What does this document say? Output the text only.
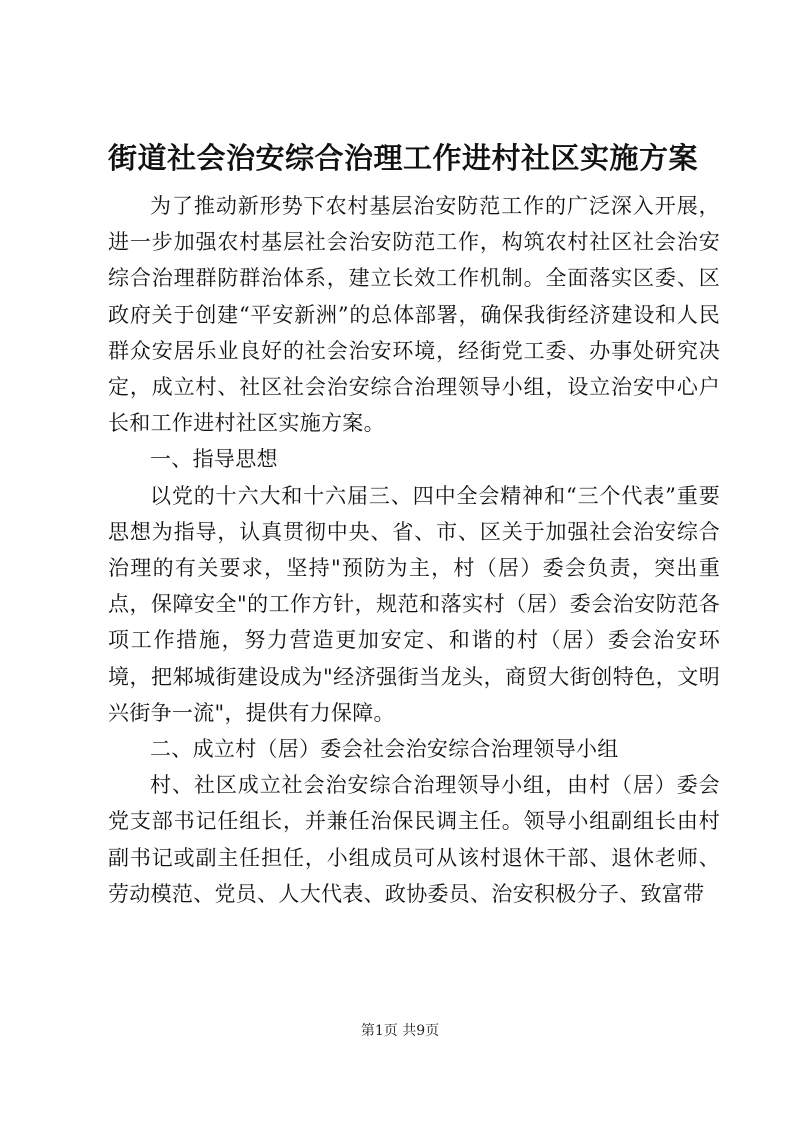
街道社会治安综合治理工作进村社区实施方案

为了推动新形势下农村基层治安防范工作的广泛深入开展，进一步加强农村基层社会治安防范工作，构筑农村社区社会治安综合治理群防群治体系，建立长效工作机制。全面落实区委、区政府关于创建“平安新洲”的总体部署，确保我街经济建设和人民群众安居乐业良好的社会治安环境，经街党工委、办事处研究决定，成立村、社区社会治安综合治理领导小组，设立治安中心户长和工作进村社区实施方案。

一、指导思想

以党的十六大和十六届三、四中全会精神和“三个代表”重要思想为指导，认真贯彻中央、省、市、区关于加强社会治安综合治理的有关要求，坚持"预防为主，村（居）委会负责，突出重点，保障安全"的工作方针，规范和落实村（居）委会治安防范各项工作措施，努力营造更加安定、和谐的村（居）委会治安环境，把邾城街建设成为"经济强街当龙头，商贸大街创特色，文明兴街争一流"，提供有力保障。

二、成立村（居）委会社会治安综合治理领导小组

村、社区成立社会治安综合治理领导小组，由村（居）委会党支部书记任组长，并兼任治保民调主任。领导小组副组长由村副书记或副主任担任，小组成员可从该村退休干部、退休老师、劳动模范、党员、人大代表、政协委员、治安积极分子、致富带

第1页 共9页
